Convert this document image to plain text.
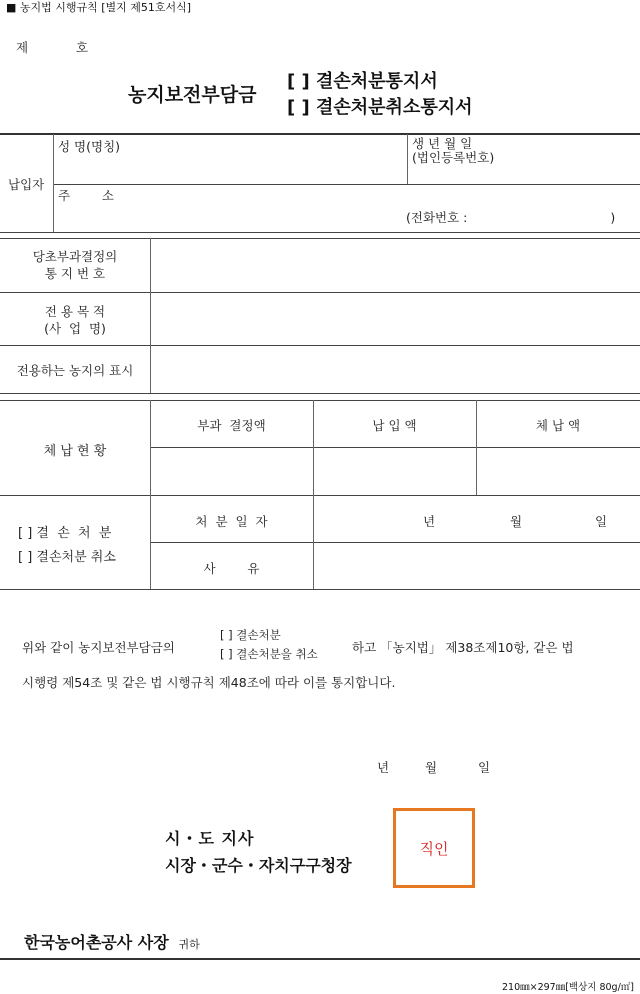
■ 농지법 시행규칙 [별지 제51호서식]
제	호
농지보전부담금
[ ] 결손처분통지서
[ ] 결손처분취소통지서
납입자
성 명(명칭)	생 년 월 일
(법인등록번호)
주        소
(전화번호 :                                    )
당초부과결정의
통 지 번 호
전 용 목 적
(사  업  명)
전용하는 농지의 표시
체 납 현 황
부과  결정액	납 입 액	체 납 액
[ ] 결  손  처  분
[ ] 결손처분 취소
처  분  일  자	년	월	일
사        유
위와 같이 농지보전부담금의
[ ] 결손처분
[ ] 결손처분을 취소	하고 「농지법」 제38조제10항, 같은 법
시행령 제54조 및 같은 법 시행규칙 제48조에 따라 이를 통지합니다.
년	월	일
시・도 지사
시장・군수・자치구구청장
직인
한국농어촌공사 사장 귀하
210㎜×297㎜[백상지 80g/㎡]
